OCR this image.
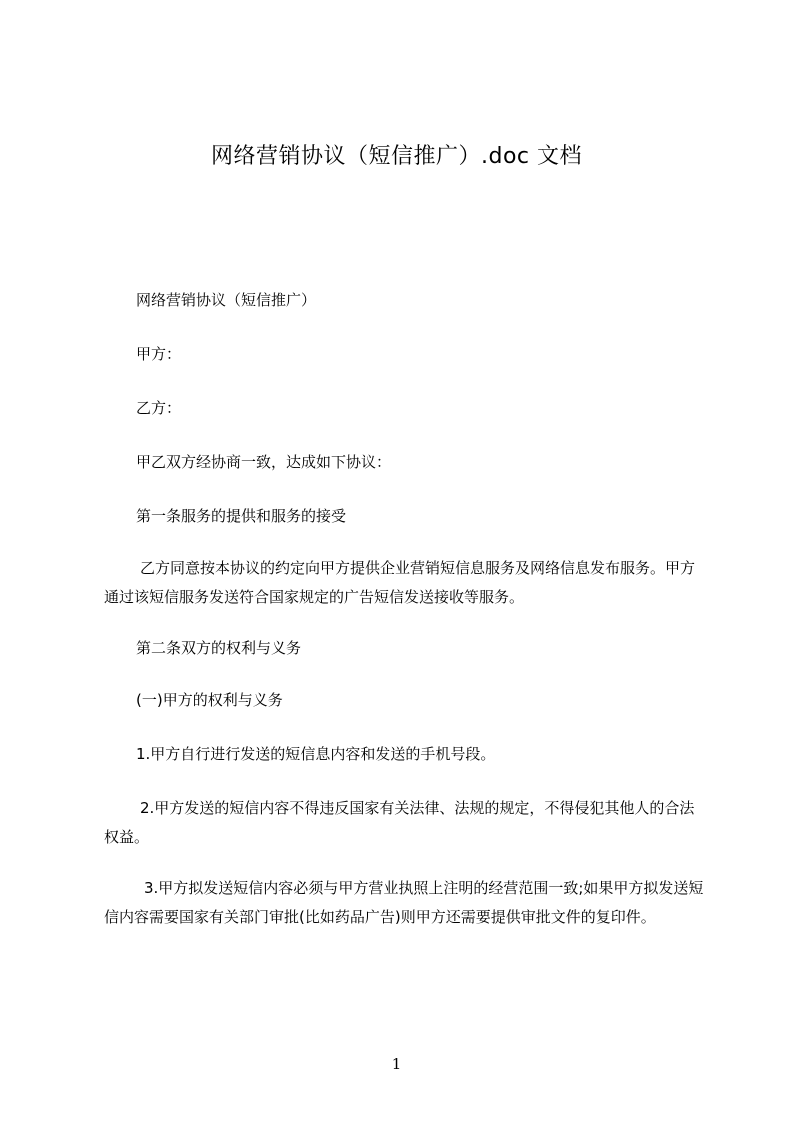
网络营销协议（短信推广）.doc 文档

网络营销协议（短信推广）

甲方：

乙方：

甲乙双方经协商一致，达成如下协议：

第一条服务的提供和服务的接受

乙方同意按本协议的约定向甲方提供企业营销短信息服务及网络信息发布服务。甲方通过该短信服务发送符合国家规定的广告短信发送接收等服务。

第二条双方的权利与义务

(一)甲方的权利与义务

1.甲方自行进行发送的短信息内容和发送的手机号段。

2.甲方发送的短信内容不得违反国家有关法律、法规的规定，不得侵犯其他人的合法权益。

3.甲方拟发送短信内容必须与甲方营业执照上注明的经营范围一致;如果甲方拟发送短信内容需要国家有关部门审批(比如药品广告)则甲方还需要提供审批文件的复印件。

1
